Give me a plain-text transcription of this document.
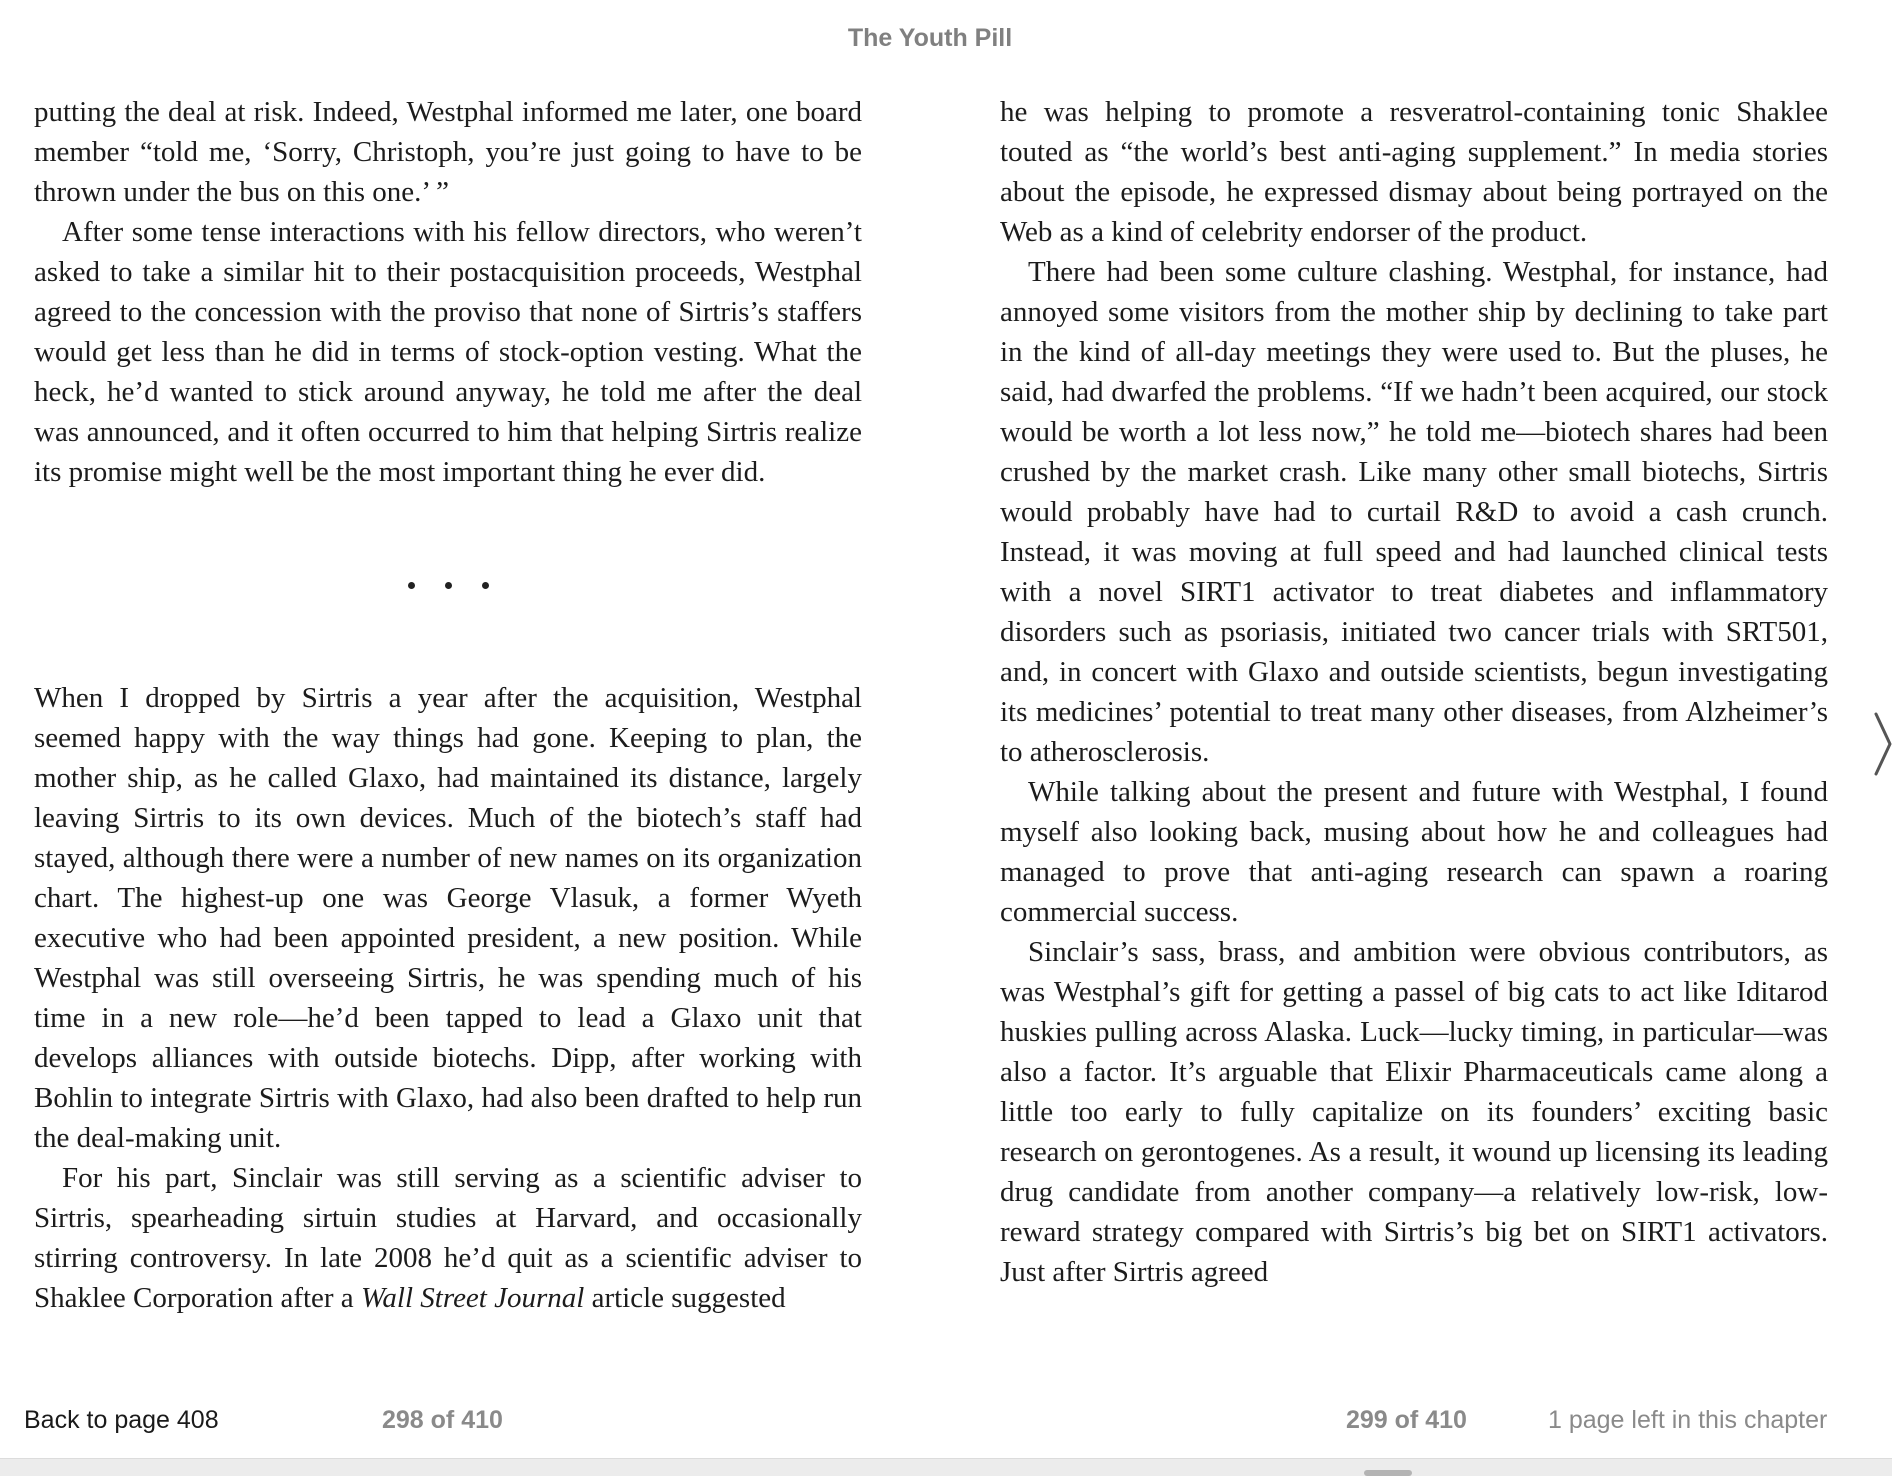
The Youth Pill

putting the deal at risk. Indeed, Westphal informed me later, one board member “told me, ‘Sorry, Christoph, you’re just going to have to be thrown under the bus on this one.’ ”

After some tense interactions with his fellow directors, who weren’t asked to take a similar hit to their postacquisition proceeds, Westphal agreed to the concession with the proviso that none of Sirtris’s staffers would get less than he did in terms of stock-option vesting. What the heck, he’d wanted to stick around anyway, he told me after the deal was announced, and it often occurred to him that helping Sirtris realize its promise might well be the most important thing he ever did.

When I dropped by Sirtris a year after the acquisition, Westphal seemed happy with the way things had gone. Keeping to plan, the mother ship, as he called Glaxo, had maintained its distance, largely leaving Sirtris to its own devices. Much of the biotech’s staff had stayed, although there were a number of new names on its organization chart. The highest-up one was George Vlasuk, a former Wyeth executive who had been appointed president, a new position. While Westphal was still overseeing Sirtris, he was spending much of his time in a new role—he’d been tapped to lead a Glaxo unit that develops alliances with outside biotechs. Dipp, after working with Bohlin to integrate Sirtris with Glaxo, had also been drafted to help run the deal-making unit.

For his part, Sinclair was still serving as a scientific adviser to Sirtris, spearheading sirtuin studies at Harvard, and occasionally stirring controversy. In late 2008 he’d quit as a scientific adviser to Shaklee Corporation after a Wall Street Journal article suggested

he was helping to promote a resveratrol-containing tonic Shaklee touted as “the world’s best anti-aging supplement.” In media stories about the episode, he expressed dismay about being portrayed on the Web as a kind of celebrity endorser of the product.

There had been some culture clashing. Westphal, for instance, had annoyed some visitors from the mother ship by declining to take part in the kind of all-day meetings they were used to. But the pluses, he said, had dwarfed the problems. “If we hadn’t been acquired, our stock would be worth a lot less now,” he told me—biotech shares had been crushed by the market crash. Like many other small biotechs, Sirtris would probably have had to curtail R&D to avoid a cash crunch. Instead, it was moving at full speed and had launched clinical tests with a novel SIRT1 activator to treat diabetes and inflammatory disorders such as psoriasis, initiated two cancer trials with SRT501, and, in concert with Glaxo and outside scientists, begun investigating its medicines’ potential to treat many other diseases, from Alzheimer’s to atherosclerosis.

While talking about the present and future with Westphal, I found myself also looking back, musing about how he and colleagues had managed to prove that anti-aging research can spawn a roaring commercial success.

Sinclair’s sass, brass, and ambition were obvious contributors, as was Westphal’s gift for getting a passel of big cats to act like Iditarod huskies pulling across Alaska. Luck—lucky timing, in particular—was also a factor. It’s arguable that Elixir Pharmaceuticals came along a little too early to fully capitalize on its founders’ exciting basic research on gerontogenes. As a result, it wound up licensing its leading drug candidate from another company—a relatively low-risk, low-reward strategy compared with Sirtris’s big bet on SIRT1 activators. Just after Sirtris agreed

Back to page 408	298 of 410	299 of 410	1 page left in this chapter
